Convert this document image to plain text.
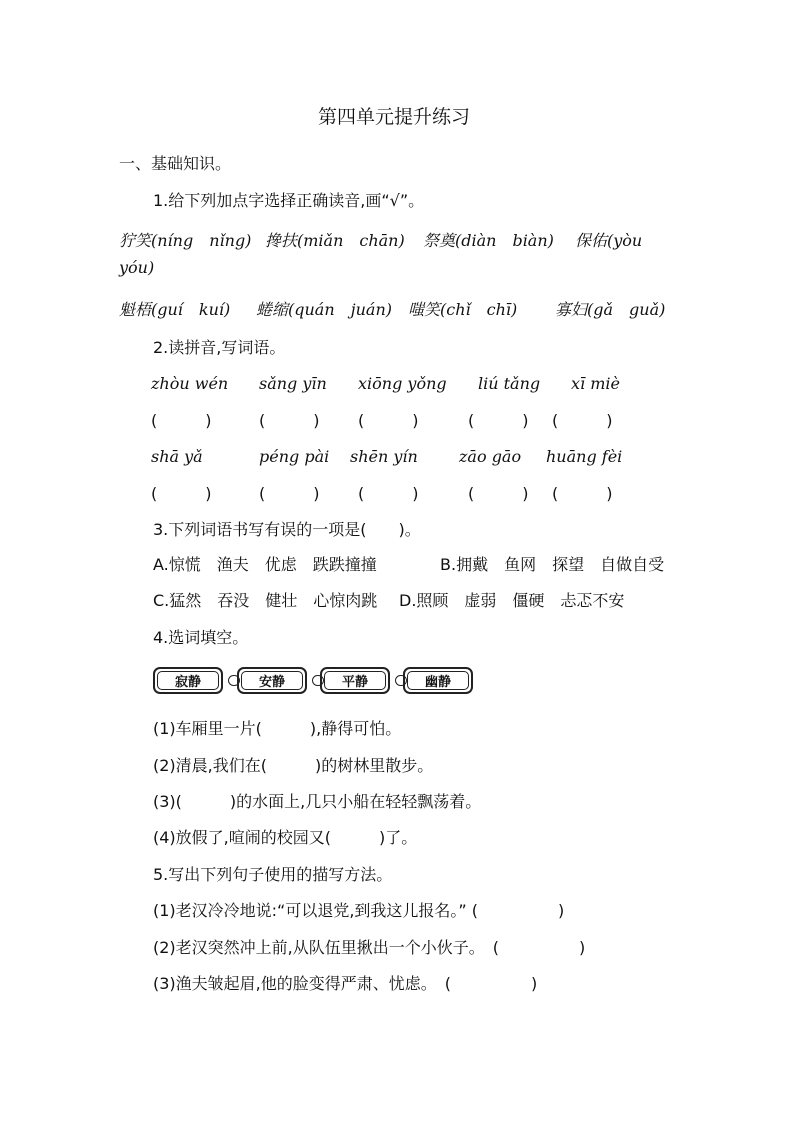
第四单元提升练习
一、基础知识。
1.给下列加点字选择正确读音,画“√”。
狞笑(níng　nǐng) 搀扶(miǎn　chān) 祭奠(diàn　biàn) 保佑(yòu
yóu)
魁梧(guí　kuí) 蜷缩(quán　juán) 嗤笑(chǐ　chī) 寡妇(gǎ　guǎ)
2.读拼音,写词语。
zhòu wén sǎng yīn xiōng yǒng liú tǎng xī miè
(　　　)	(　　　) (　　　)	(　　　) (　　　)
shā yǎ	péng pài shēn yín	zāo gāo huāng fèi
(　　　)	(　　　) (　　　)	(　　　) (　　　)
3.下列词语书写有误的一项是(　　)。
A.惊慌　渔夫　优虑　跌跌撞撞	B.拥戴　鱼网　探望　自做自受
C.猛然　吞没　健壮　心惊肉跳 D.照顾　虚弱　僵硬　忐忑不安
4.选词填空。
寂静	安静	平静	幽静
(1)车厢里一片(　　　),静得可怕。
(2)清晨,我们在(　　　)的树林里散步。
(3)(　　　)的水面上,几只小船在轻轻飘荡着。
(4)放假了,喧闹的校园又(　　　)了。
5.写出下列句子使用的描写方法。
(1)老汉冷冷地说:“可以退党,到我这儿报名。” (　　　　　)
(2)老汉突然冲上前,从队伍里揪出一个小伙子。　(　　　　　)
(3)渔夫皱起眉,他的脸变得严肃、忧虑。　(　　　　　)
